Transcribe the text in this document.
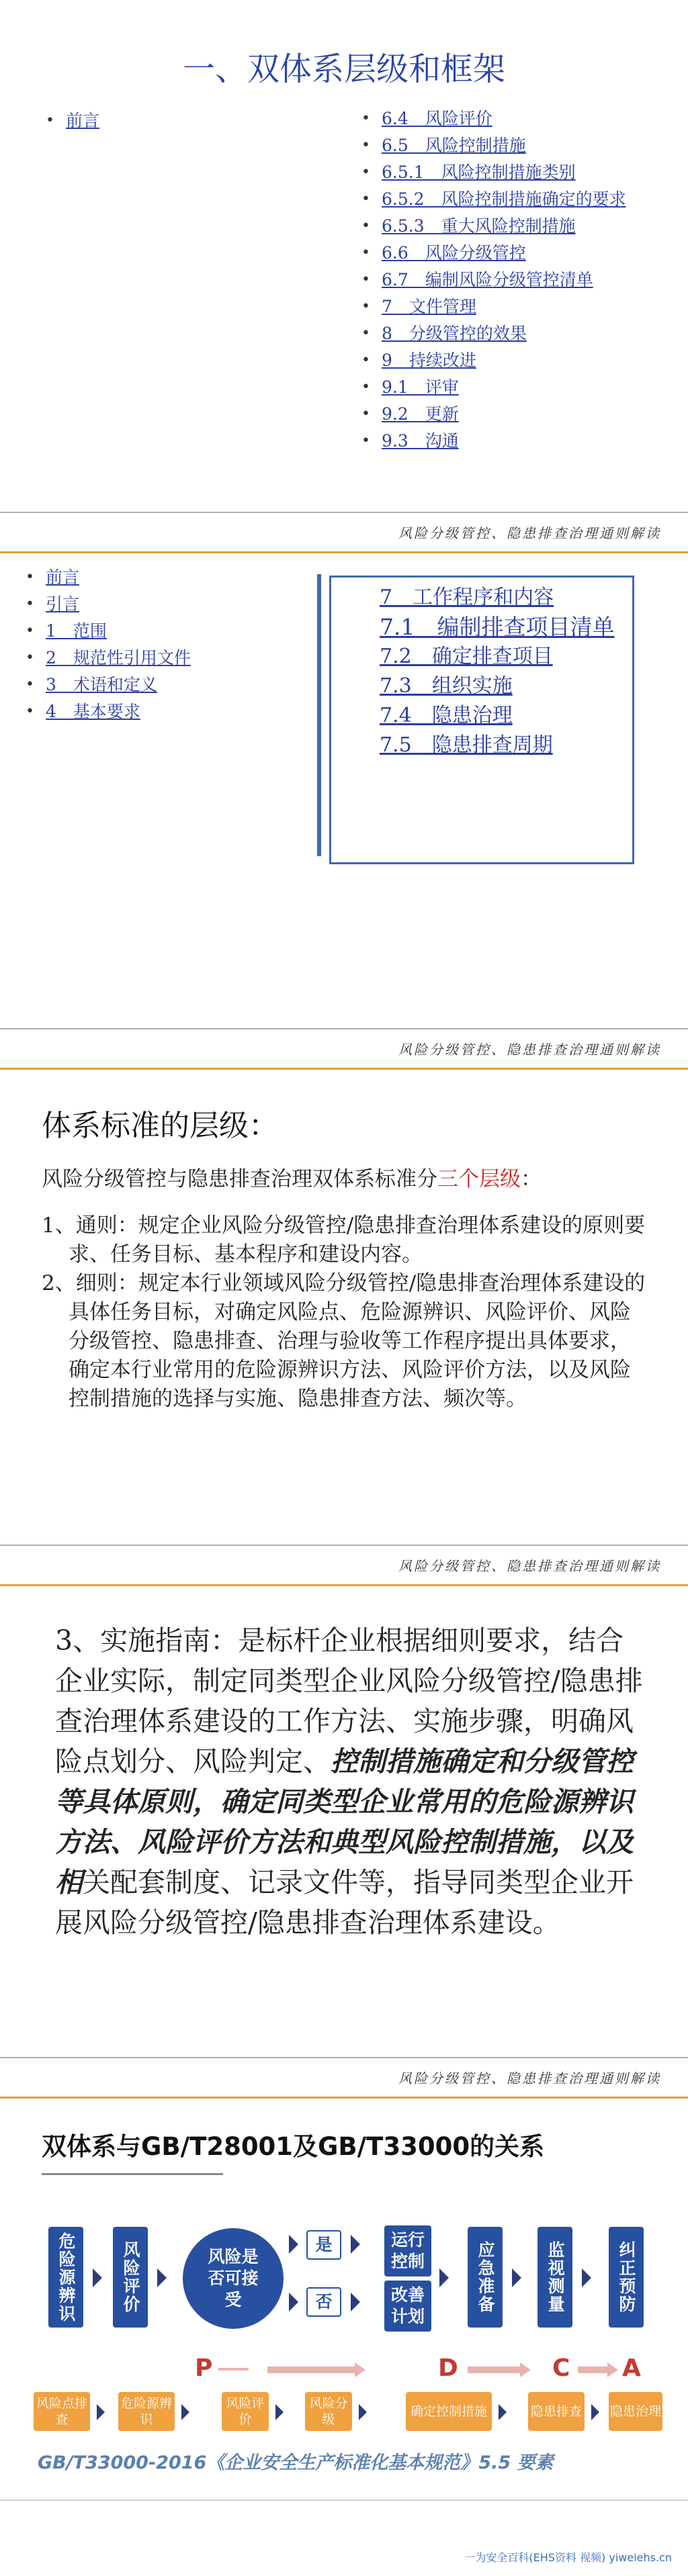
一、双体系层级和框架
• 前言
•	6.4　风险评价
• 6.5　风险控制措施
• 6.5.1　风险控制措施类别
• 6.5.2　风险控制措施确定的要求
• 6.5.3　重大风险控制措施
• 6.6　风险分级管控
• 6.7　编制风险分级管控清单
• 7　文件管理
• 8　分级管控的效果
• 9　持续改进
• 9.1　评审
• 9.2　更新
• 9.3　沟通
风险分级管控、隐患排查治理通则解读
• 前言
• 引言
• 1　范围
• 2　规范性引用文件
• 3　术语和定义
• 4　基本要求
7　工作程序和内容
7.1　编制排查项目清单
7.2　确定排查项目
7.3　组织实施
7.4　隐患治理
7.5　隐患排查周期
风险分级管控、隐患排查治理通则解读
体系标准的层级：
风险分级管控与隐患排查治理双体系标准分三个层级：

1、通则：规定企业风险分级管控/隐患排查治理体系建设的原则要求、任务目标、基本程序和建设内容。

2、细则：规定本行业领域风险分级管控/隐患排查治理体系建设的具体任务目标，对确定风险点、危险源辨识、风险评价、风险分级管控、隐患排查、治理与验收等工作程序提出具体要求，确定本行业常用的危险源辨识方法、风险评价方法，以及风险控制措施的选择与实施、隐患排查方法、频次等。

风险分级管控、隐患排查治理通则解读
3、实施指南：是标杆企业根据细则要求，结合企业实际，制定同类型企业风险分级管控/隐患排查治理体系建设的工作方法、实施步骤，明确风险点划分、风险判定、控制措施确定和分级管控等具体原则，确定同类型企业常用的危险源辨识方法、风险评价方法和典型风险控制措施，以及相关配套制度、记录文件等，指导同类型企业开展风险分级管控/隐患排查治理体系建设。
风险分级管控、隐患排查治理通则解读
双体系与GB/T28001及GB/T33000的关系
危险源辨识	风险评价	风险是否可接受
是
否
运行控制
改善计划
应急准备	监视测量	纠正预防
P	D	C A
风险点排查
危险源辨识
风险评价
风险分级
确定控制措施	隐患排查 隐患治理
GB/T33000-2016《企业安全生产标准化基本规范》5.5 要素
一为安全百科(EHS资料 视频) yiweiehs.cn
